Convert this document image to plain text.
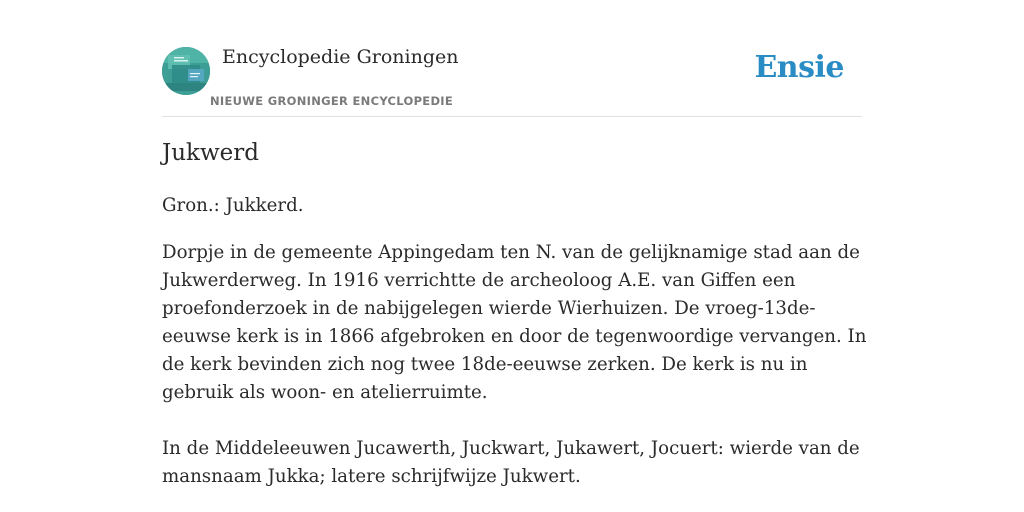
Encyclopedie Groningen
NIEUWE GRONINGER ENCYCLOPEDIE
Ensie
Jukwerd

Gron.: Jukkerd.

Dorpje in de gemeente Appingedam ten N. van de gelijknamige stad aan de Jukwerderweg. In 1916 verrichtte de archeoloog A.E. van Giffen een proefonderzoek in de nabijgelegen wierde Wierhuizen. De vroeg-13de-eeuwse kerk is in 1866 afgebroken en door de tegenwoordige vervangen. In de kerk bevinden zich nog twee 18de-eeuwse zerken. De kerk is nu in gebruik als woon- en atelierruimte.

In de Middeleeuwen Jucawerth, Juckwart, Jukawert, Jocuert: wierde van de mansnaam Jukka; latere schrijfwijze Jukwert.
